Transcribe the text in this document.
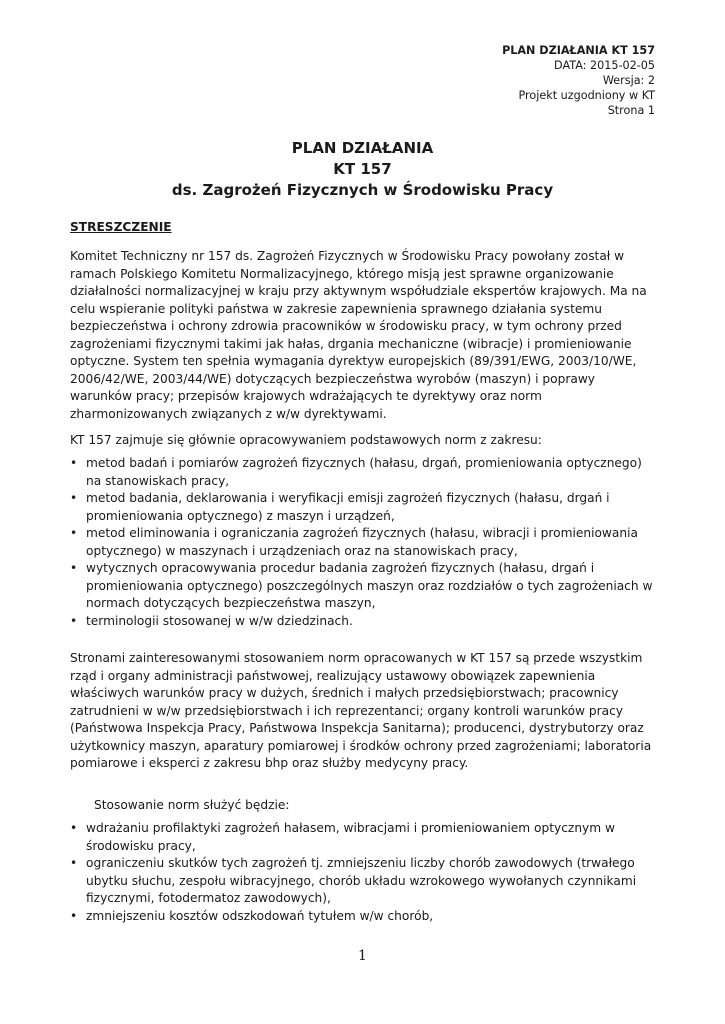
PLAN DZIAŁANIA KT 157
DATA: 2015-02-05
Wersja: 2
Projekt uzgodniony w KT
Strona 1
PLAN DZIAŁANIA
KT 157
ds. Zagrożeń Fizycznych w Środowisku Pracy
STRESZCZENIE
Komitet Techniczny nr 157 ds. Zagrożeń Fizycznych w Środowisku Pracy powołany został w ramach Polskiego Komitetu Normalizacyjnego, którego misją jest sprawne organizowanie działalności normalizacyjnej w kraju przy aktywnym współudziale ekspertów krajowych. Ma na celu wspieranie polityki państwa w zakresie zapewnienia sprawnego działania systemu bezpieczeństwa i ochrony zdrowia pracowników w środowisku pracy, w tym ochrony przed zagrożeniami fizycznymi takimi jak hałas, drgania mechaniczne (wibracje) i promieniowanie optyczne. System ten spełnia wymagania dyrektyw europejskich (89/391/EWG, 2003/10/WE, 2006/42/WE, 2003/44/WE) dotyczących bezpieczeństwa wyrobów (maszyn) i poprawy warunków pracy; przepisów krajowych wdrażających te dyrektywy oraz norm zharmonizowanych związanych z w/w dyrektywami.
KT 157 zajmuje się głównie opracowywaniem podstawowych norm z zakresu:
• metod badań i pomiarów zagrożeń fizycznych (hałasu, drgań, promieniowania optycznego) na stanowiskach pracy,
• metod badania, deklarowania i weryfikacji emisji zagrożeń fizycznych (hałasu, drgań i promieniowania optycznego) z maszyn i urządzeń,
• metod eliminowania i ograniczania zagrożeń fizycznych (hałasu, wibracji i promieniowania optycznego) w maszynach i urządzeniach oraz na stanowiskach pracy,
• wytycznych opracowywania procedur badania zagrożeń fizycznych (hałasu, drgań i promieniowania optycznego) poszczególnych maszyn oraz rozdziałów o tych zagrożeniach w normach dotyczących bezpieczeństwa maszyn,
• terminologii stosowanej w w/w dziedzinach.
Stronami zainteresowanymi stosowaniem norm opracowanych w KT 157 są przede wszystkim rząd i organy administracji państwowej, realizujący ustawowy obowiązek zapewnienia właściwych warunków pracy w dużych, średnich i małych przedsiębiorstwach; pracownicy zatrudnieni w w/w przedsiębiorstwach i ich reprezentanci; organy kontroli warunków pracy (Państwowa Inspekcja Pracy, Państwowa Inspekcja Sanitarna); producenci, dystrybutorzy oraz użytkownicy maszyn, aparatury pomiarowej i środków ochrony przed zagrożeniami; laboratoria pomiarowe i eksperci z zakresu bhp oraz służby medycyny pracy.
Stosowanie norm służyć będzie:
• wdrażaniu profilaktyki zagrożeń hałasem, wibracjami i promieniowaniem optycznym w środowisku pracy,
• ograniczeniu skutków tych zagrożeń tj. zmniejszeniu liczby chorób zawodowych (trwałego ubytku słuchu, zespołu wibracyjnego, chorób układu wzrokowego wywołanych czynnikami fizycznymi, fotodermatoz zawodowych),
• zmniejszeniu kosztów odszkodowań tytułem w/w chorób,
1
